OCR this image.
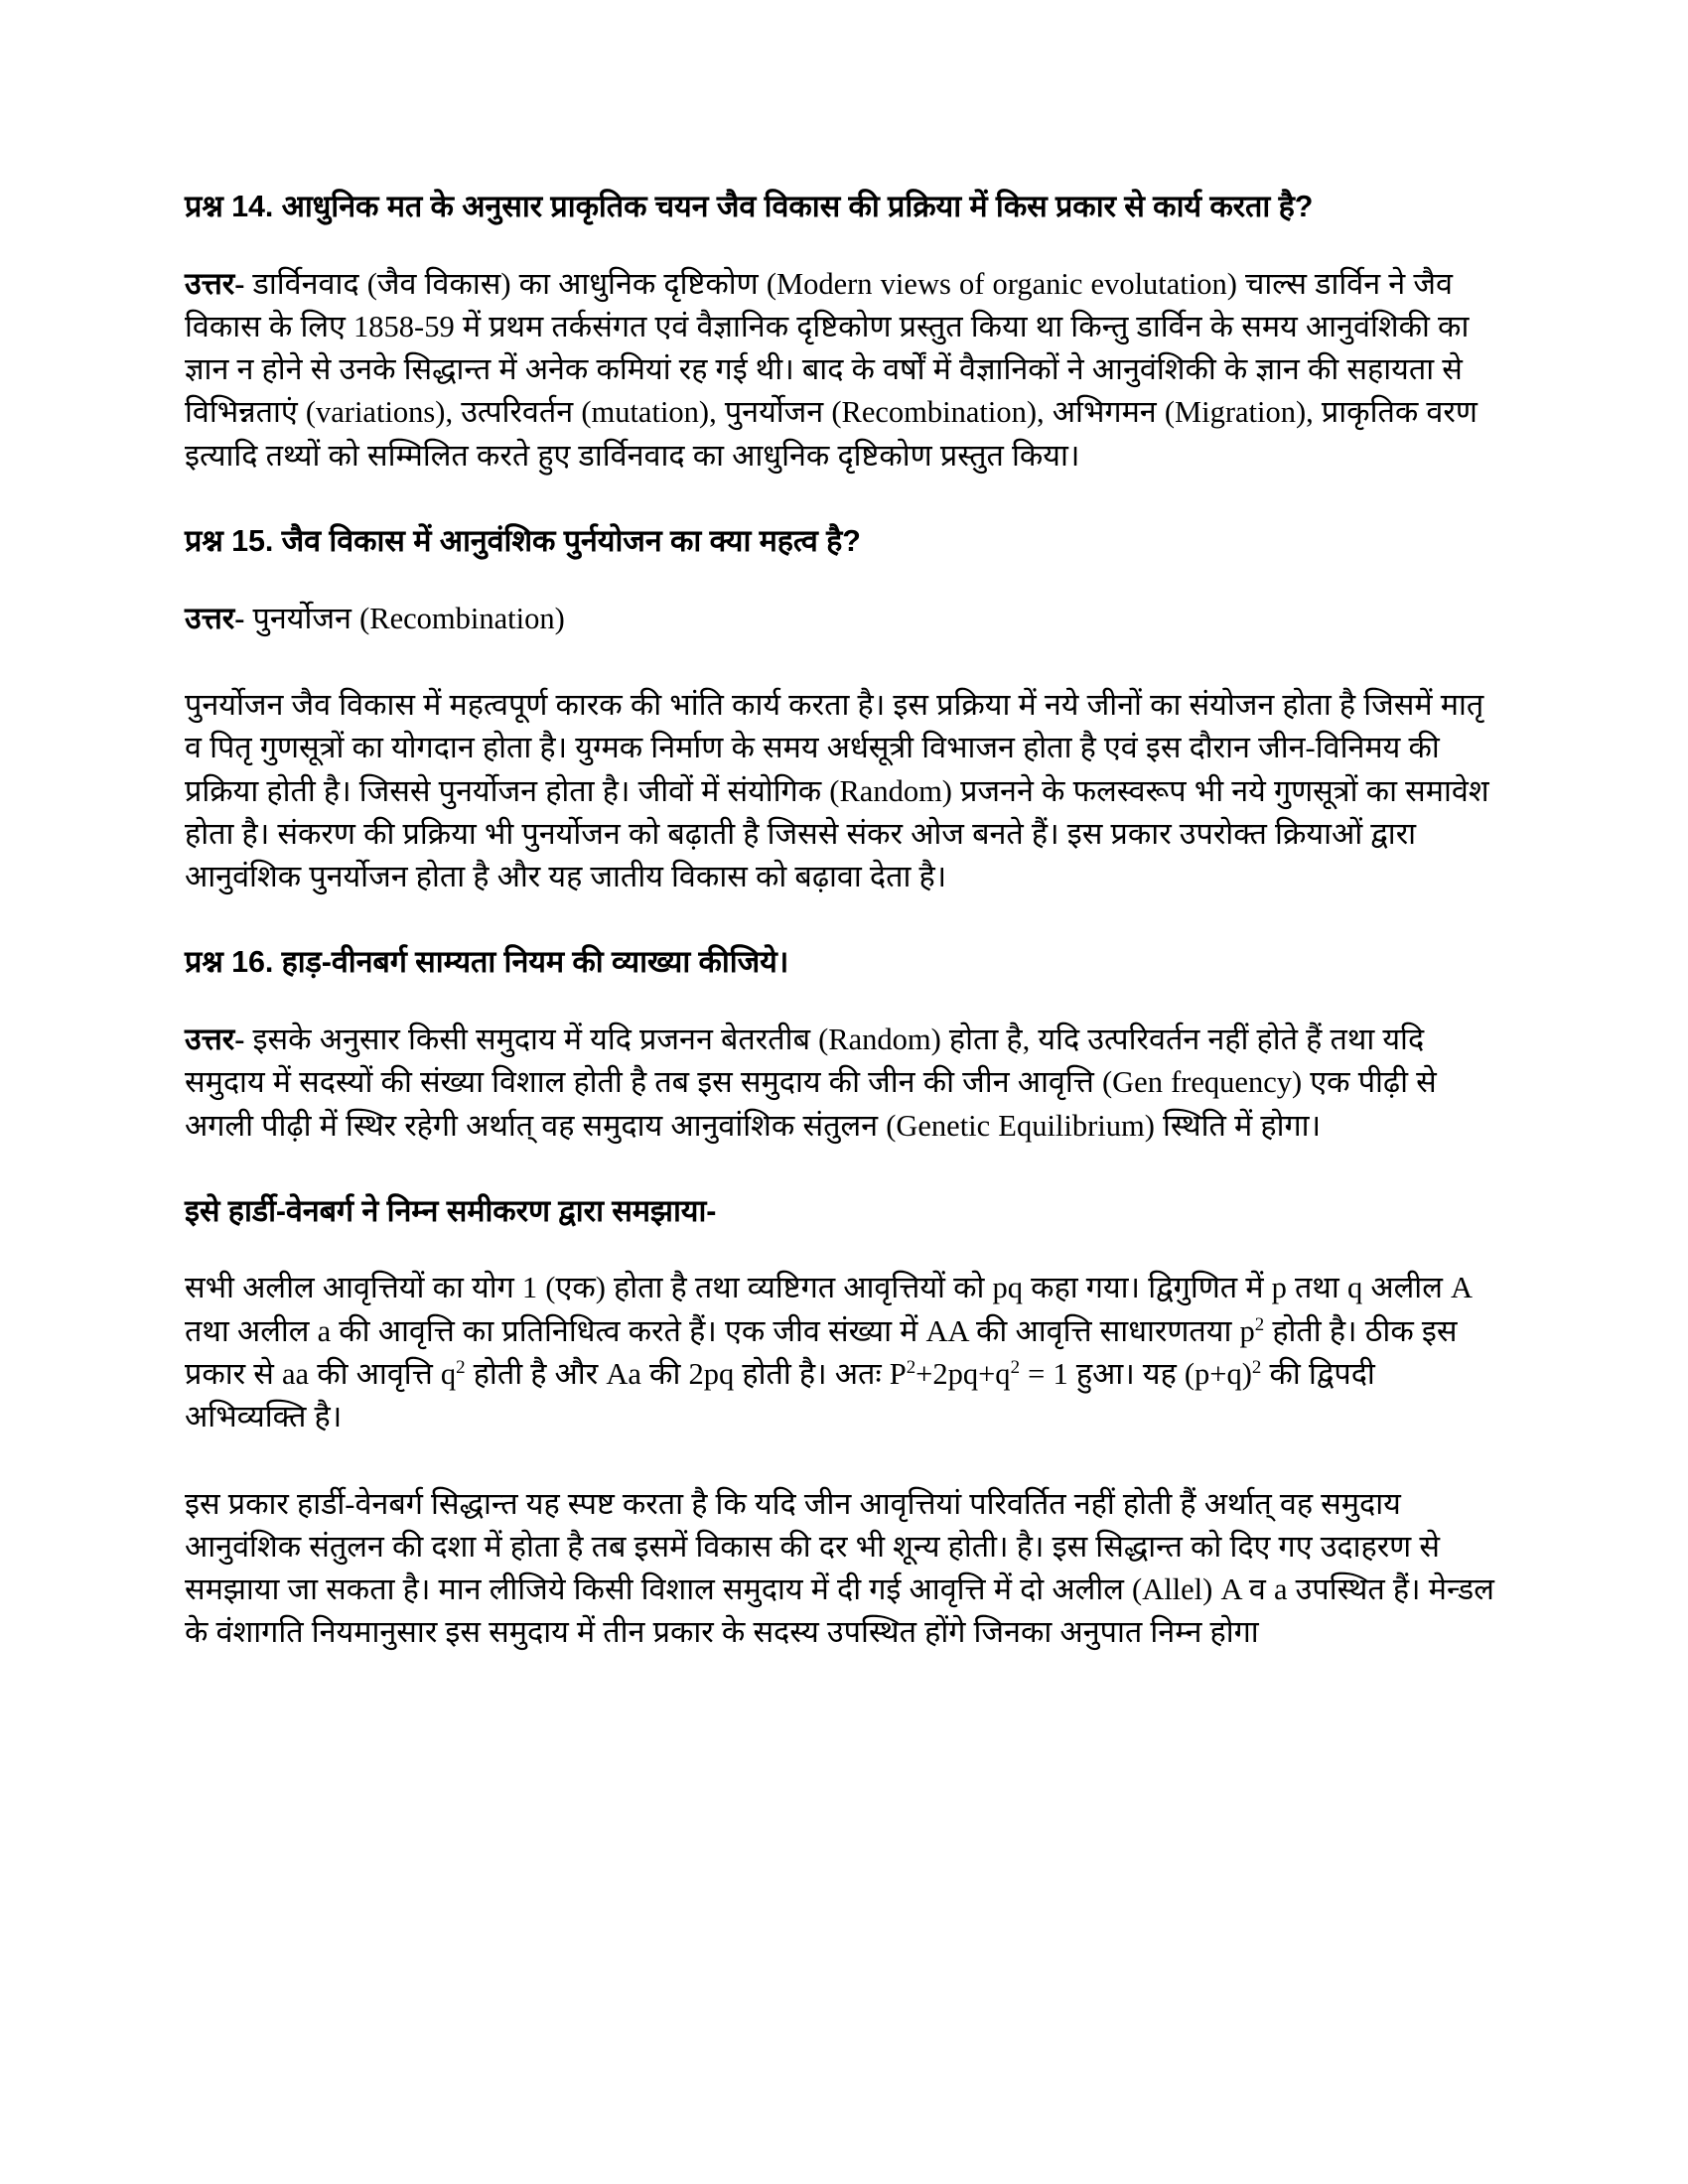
प्रश्न 14. आधुनिक मत के अनुसार प्राकृतिक चयन जैव विकास की प्रक्रिया में किस प्रकार से कार्य करता है?

उत्तर- डार्विनवाद (जैव विकास) का आधुनिक दृष्टिकोण (Modern views of organic evolutation) चाल्स डार्विन ने जैव विकास के लिए 1858-59 में प्रथम तर्कसंगत एवं वैज्ञानिक दृष्टिकोण प्रस्तुत किया था किन्तु डार्विन के समय आनुवंशिकी का ज्ञान न होने से उनके सिद्धान्त में अनेक कमियां रह गई थी। बाद के वर्षों में वैज्ञानिकों ने आनुवंशिकी के ज्ञान की सहायता से विभिन्नताएं (variations), उत्परिवर्तन (mutation), पुनर्योजन (Recombination), अभिगमन (Migration), प्राकृतिक वरण इत्यादि तथ्यों को सम्मिलित करते हुए डार्विनवाद का आधुनिक दृष्टिकोण प्रस्तुत किया।

प्रश्न 15. जैव विकास में आनुवंशिक पुर्नयोजन का क्या महत्व है?

उत्तर- पुनर्योजन (Recombination)

पुनर्योजन जैव विकास में महत्वपूर्ण कारक की भांति कार्य करता है। इस प्रक्रिया में नये जीनों का संयोजन होता है जिसमें मातृ व पितृ गुणसूत्रों का योगदान होता है। युग्मक निर्माण के समय अर्धसूत्री विभाजन होता है एवं इस दौरान जीन-विनिमय की प्रक्रिया होती है। जिससे पुनर्योजन होता है। जीवों में संयोगिक (Random) प्रजनने के फलस्वरूप भी नये गुणसूत्रों का समावेश होता है। संकरण की प्रक्रिया भी पुनर्योजन को बढ़ाती है जिससे संकर ओज बनते हैं। इस प्रकार उपरोक्त क्रियाओं द्वारा आनुवंशिक पुनर्योजन होता है और यह जातीय विकास को बढ़ावा देता है।

प्रश्न 16. हाड़-वीनबर्ग साम्यता नियम की व्याख्या कीजिये।

उत्तर- इसके अनुसार किसी समुदाय में यदि प्रजनन बेतरतीब (Random) होता है, यदि उत्परिवर्तन नहीं होते हैं तथा यदि समुदाय में सदस्यों की संख्या विशाल होती है तब इस समुदाय की जीन की जीन आवृत्ति (Gen frequency) एक पीढ़ी से अगली पीढ़ी में स्थिर रहेगी अर्थात् वह समुदाय आनुवांशिक संतुलन (Genetic Equilibrium) स्थिति में होगा।

इसे हार्डी-वेनबर्ग ने निम्न समीकरण द्वारा समझाया-

सभी अलील आवृत्तियों का योग 1 (एक) होता है तथा व्यष्टिगत आवृत्तियों को pq कहा गया। द्विगुणित में p तथा q अलील A तथा अलील a की आवृत्ति का प्रतिनिधित्व करते हैं। एक जीव संख्या में AA की आवृत्ति साधारणतया $p^2$ होती है। ठीक इस प्रकार से aa की आवृत्ति $q^2$ होती है और Aa की 2pq होती है। अतः $P^2+2pq+q^2 = 1$ हुआ। यह $(p+q)^2$ की द्विपदी अभिव्यक्ति है।

इस प्रकार हार्डी-वेनबर्ग सिद्धान्त यह स्पष्ट करता है कि यदि जीन आवृत्तियां परिवर्तित नहीं होती हैं अर्थात् वह समुदाय आनुवंशिक संतुलन की दशा में होता है तब इसमें विकास की दर भी शून्य होती। है। इस सिद्धान्त को दिए गए उदाहरण से समझाया जा सकता है। मान लीजिये किसी विशाल समुदाय में दी गई आवृत्ति में दो अलील (Allel) A व a उपस्थित हैं। मेन्डल के वंशागति नियमानुसार इस समुदाय में तीन प्रकार के सदस्य उपस्थित होंगे जिनका अनुपात निम्न होगा
